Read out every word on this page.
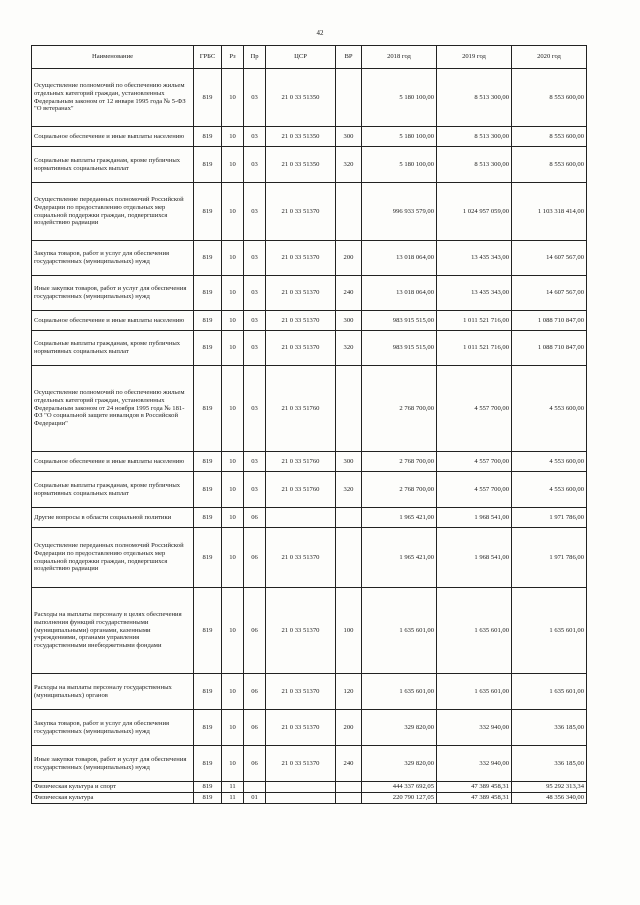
42
Наименование	ГРБС	Рз	Пр	ЦСР	ВР	2018 год	2019 год	2020 год
Осуществление полномочий по обеспечению жильем отдельных категорий граждан, установленных Федеральным законом от 12 января 1995 года № 5-ФЗ "О ветеранах"	819	10	03	21 0 33 51350		5 180 100,00	8 513 300,00	8 553 600,00
Социальное обеспечение и иные выплаты населению	819	10	03	21 0 33 51350	300	5 180 100,00	8 513 300,00	8 553 600,00
Социальные выплаты гражданам, кроме публичных нормативных социальных выплат	819	10	03	21 0 33 51350	320	5 180 100,00	8 513 300,00	8 553 600,00
Осуществление переданных полномочий Российской Федерации по предоставлению отдельных мер социальной поддержки граждан, подвергшихся воздействию радиации	819	10	03	21 0 33 51370		996 933 579,00	1 024 957 059,00	1 103 318 414,00
Закупка товаров, работ и услуг для обеспечения государственных (муниципальных) нужд	819	10	03	21 0 33 51370	200	13 018 064,00	13 435 343,00	14 607 567,00
Иные закупки товаров, работ и услуг для обеспечения государственных (муниципальных) нужд	819	10	03	21 0 33 51370	240	13 018 064,00	13 435 343,00	14 607 567,00
Социальное обеспечение и иные выплаты населению	819	10	03	21 0 33 51370	300	983 915 515,00	1 011 521 716,00	1 088 710 847,00
Социальные выплаты гражданам, кроме публичных нормативных социальных выплат	819	10	03	21 0 33 51370	320	983 915 515,00	1 011 521 716,00	1 088 710 847,00
Осуществление полномочий по обеспечению жильем отдельных категорий граждан, установленных Федеральным законом от 24 ноября 1995 года № 181-ФЗ "О социальной защите инвалидов в Российской Федерации"	819	10	03	21 0 33 51760		2 768 700,00	4 557 700,00	4 553 600,00
Социальное обеспечение и иные выплаты населению	819	10	03	21 0 33 51760	300	2 768 700,00	4 557 700,00	4 553 600,00
Социальные выплаты гражданам, кроме публичных нормативных социальных выплат	819	10	03	21 0 33 51760	320	2 768 700,00	4 557 700,00	4 553 600,00
Другие вопросы в области социальной политики	819	10	06			1 965 421,00	1 968 541,00	1 971 786,00
Осуществление переданных полномочий Российской Федерации по предоставлению отдельных мер социальной поддержки граждан, подвергшихся воздействию радиации	819	10	06	21 0 33 51370		1 965 421,00	1 968 541,00	1 971 786,00
Расходы на выплаты персоналу в целях обеспечения выполнения функций государственными (муниципальными) органами, казенными учреждениями, органами управления государственными внебюджетными фондами	819	10	06	21 0 33 51370	100	1 635 601,00	1 635 601,00	1 635 601,00
Расходы на выплаты персоналу государственных (муниципальных) органов	819	10	06	21 0 33 51370	120	1 635 601,00	1 635 601,00	1 635 601,00
Закупка товаров, работ и услуг для обеспечения государственных (муниципальных) нужд	819	10	06	21 0 33 51370	200	329 820,00	332 940,00	336 185,00
Иные закупки товаров, работ и услуг для обеспечения государственных (муниципальных) нужд	819	10	06	21 0 33 51370	240	329 820,00	332 940,00	336 185,00
Физическая культура и спорт	819	11				444 337 692,05	47 389 458,31	95 292 313,34
Физическая культура	819	11	01			220 790 127,05	47 389 458,31	48 356 340,00
